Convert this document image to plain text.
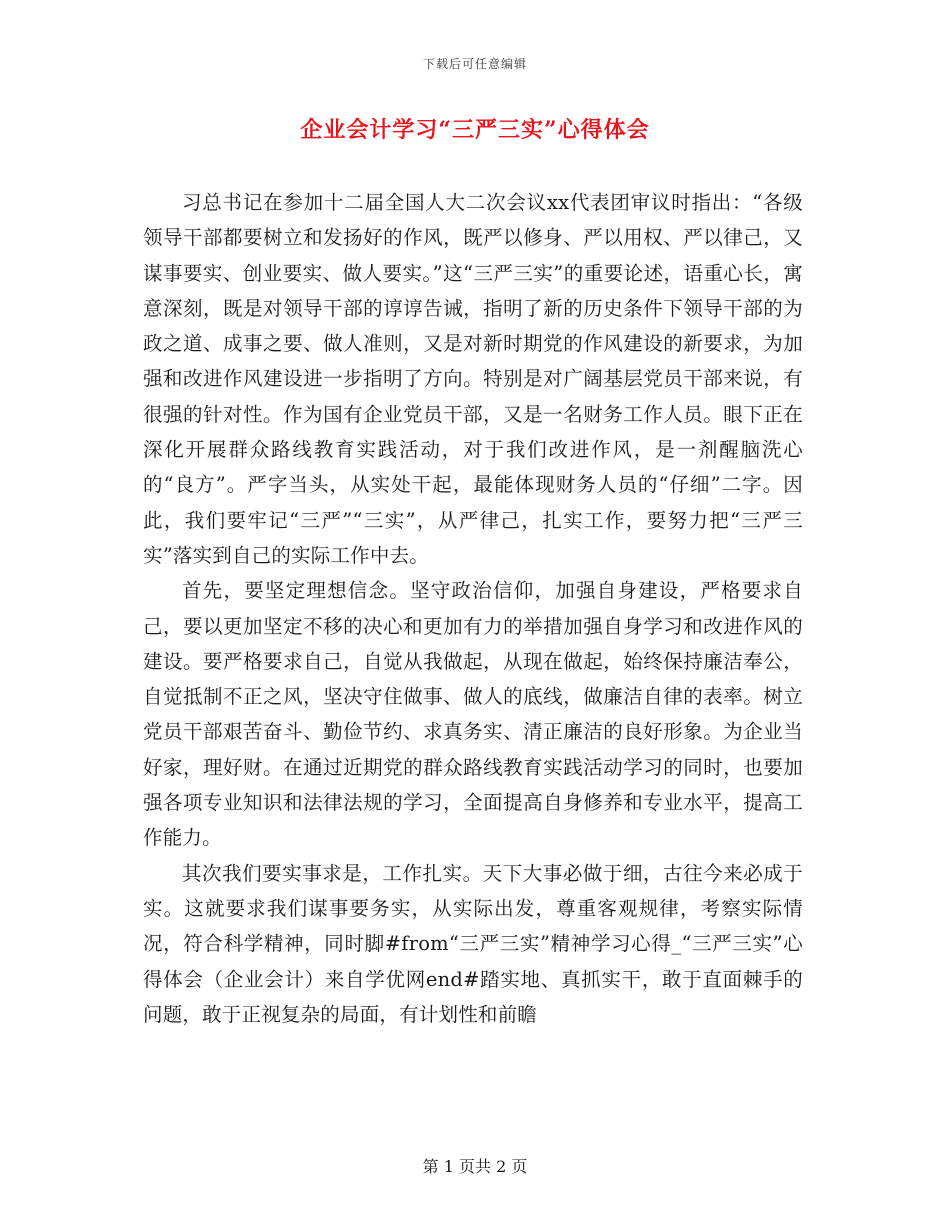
下载后可任意编辑
企业会计学习“三严三实”心得体会

习总书记在参加十二届全国人大二次会议xx代表团审议时指出：“各级领导干部都要树立和发扬好的作风，既严以修身、严以用权、严以律己，又谋事要实、创业要实、做人要实。”这“三严三实”的重要论述，语重心长，寓意深刻，既是对领导干部的谆谆告诫，指明了新的历史条件下领导干部的为政之道、成事之要、做人准则，又是对新时期党的作风建设的新要求，为加强和改进作风建设进一步指明了方向。特别是对广阔基层党员干部来说，有很强的针对性。作为国有企业党员干部，又是一名财务工作人员。眼下正在深化开展群众路线教育实践活动，对于我们改进作风，是一剂醒脑洗心的“良方”。严字当头，从实处干起，最能体现财务人员的“仔细”二字。因此，我们要牢记“三严”“三实”，从严律己，扎实工作，要努力把“三严三实”落实到自己的实际工作中去。

首先，要坚定理想信念。坚守政治信仰，加强自身建设，严格要求自己，要以更加坚定不移的决心和更加有力的举措加强自身学习和改进作风的建设。要严格要求自己，自觉从我做起，从现在做起，始终保持廉洁奉公，自觉抵制不正之风，坚决守住做事、做人的底线，做廉洁自律的表率。树立党员干部艰苦奋斗、勤俭节约、求真务实、清正廉洁的良好形象。为企业当好家，理好财。在通过近期党的群众路线教育实践活动学习的同时，也要加强各项专业知识和法律法规的学习，全面提高自身修养和专业水平，提高工作能力。

其次我们要实事求是，工作扎实。天下大事必做于细，古往今来必成于实。这就要求我们谋事要务实，从实际出发，尊重客观规律，考察实际情况，符合科学精神，同时脚#from“三严三实”精神学习心得_“三严三实”心得体会（企业会计）来自学优网end#踏实地、真抓实干，敢于直面棘手的问题，敢于正视复杂的局面，有计划性和前瞻

第 1 页共 2 页
